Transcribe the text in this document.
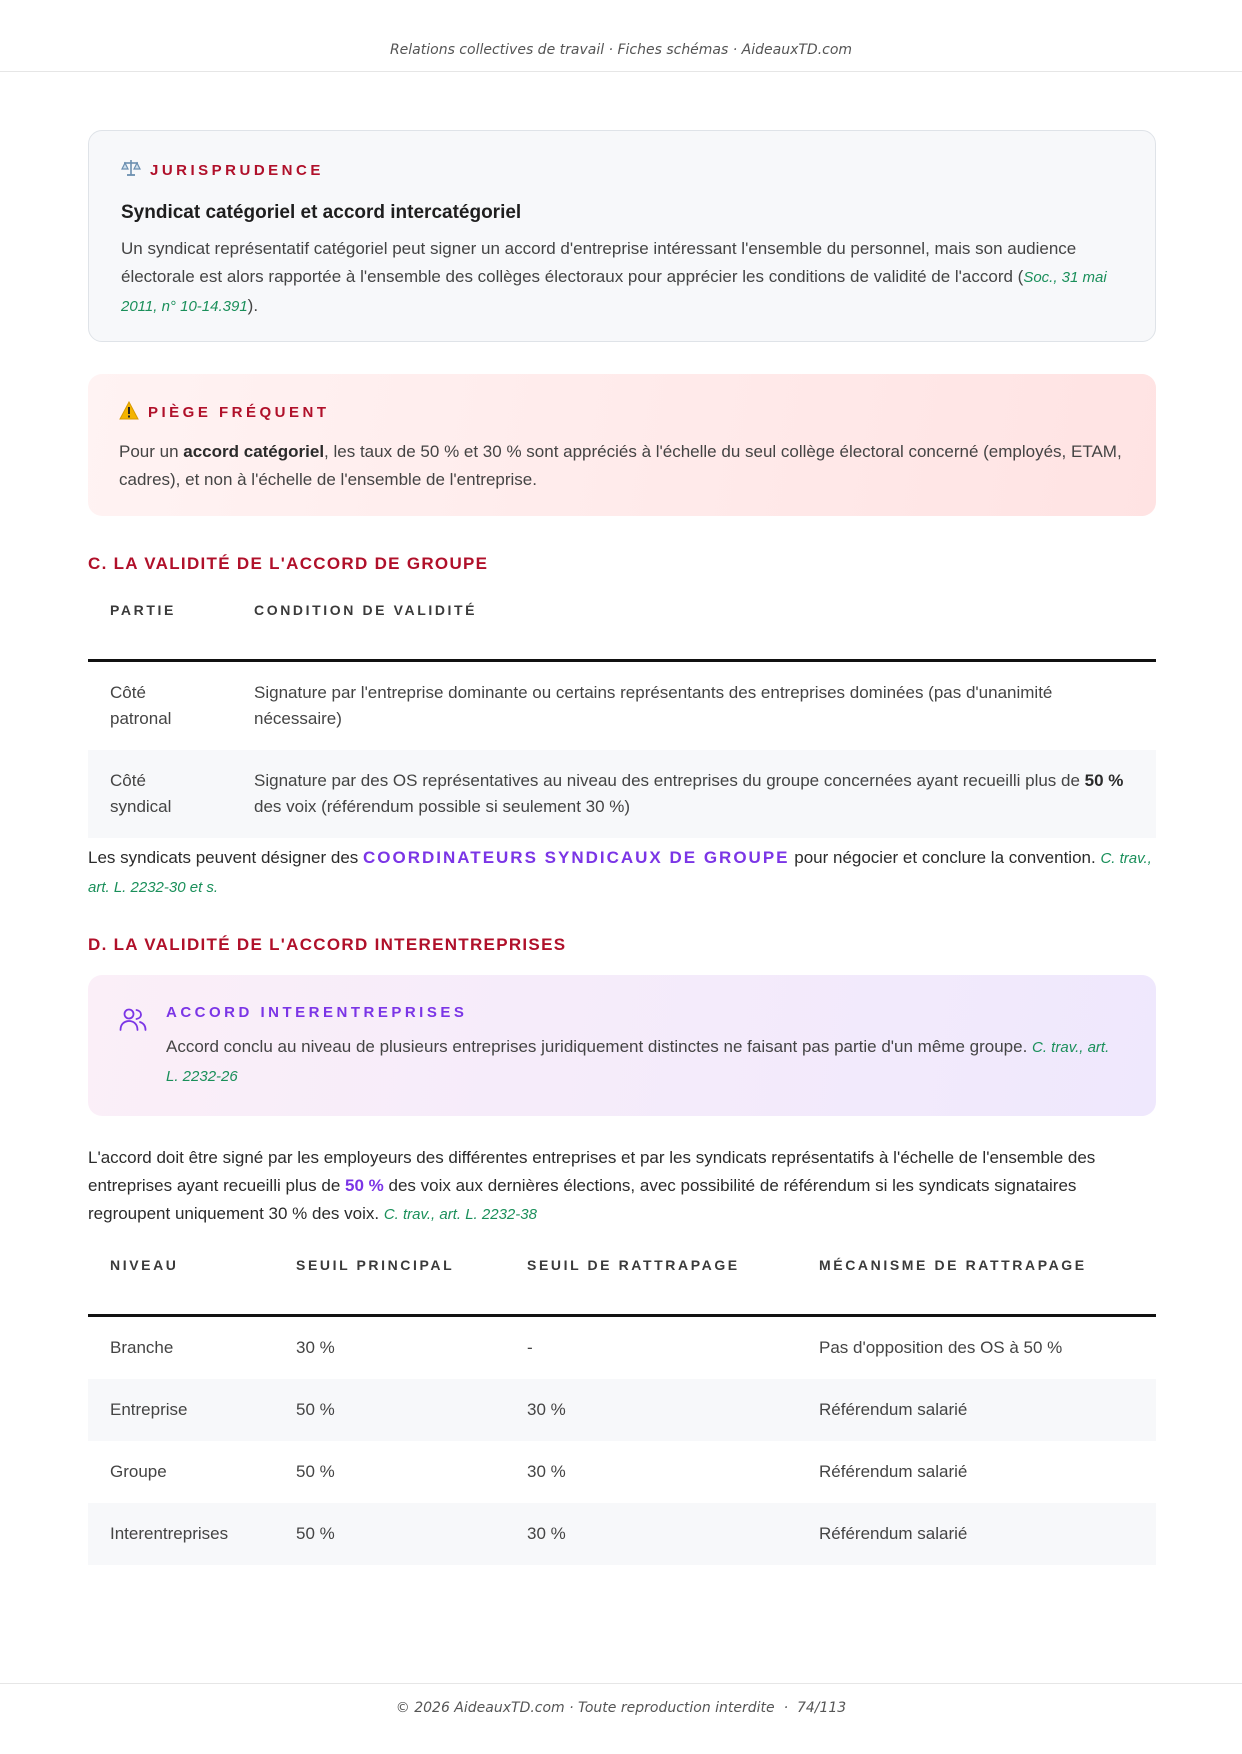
Relations collectives de travail · Fiches schémas · AideauxTD.com
JURISPRUDENCE
Syndicat catégoriel et accord intercatégoriel
Un syndicat représentatif catégoriel peut signer un accord d'entreprise intéressant l'ensemble du personnel, mais son audience électorale est alors rapportée à l'ensemble des collèges électoraux pour apprécier les conditions de validité de l'accord (Soc., 31 mai 2011, n° 10-14.391).
PIÈGE FRÉQUENT
Pour un accord catégoriel, les taux de 50 % et 30 % sont appréciés à l'échelle du seul collège électoral concerné (employés, ETAM, cadres), et non à l'échelle de l'ensemble de l'entreprise.
C. LA VALIDITÉ DE L'ACCORD DE GROUPE
PARTIE	CONDITION DE VALIDITÉ
Côté patronal	Signature par l'entreprise dominante ou certains représentants des entreprises dominées (pas d'unanimité nécessaire)
Côté syndical	Signature par des OS représentatives au niveau des entreprises du groupe concernées ayant recueilli plus de 50 % des voix (référendum possible si seulement 30 %)
Les syndicats peuvent désigner des COORDINATEURS SYNDICAUX DE GROUPE pour négocier et conclure la convention. C. trav., art. L. 2232-30 et s.
D. LA VALIDITÉ DE L'ACCORD INTERENTREPRISES
ACCORD INTERENTREPRISES
Accord conclu au niveau de plusieurs entreprises juridiquement distinctes ne faisant pas partie d'un même groupe. C. trav., art. L. 2232-26
L'accord doit être signé par les employeurs des différentes entreprises et par les syndicats représentatifs à l'échelle de l'ensemble des entreprises ayant recueilli plus de 50 % des voix aux dernières élections, avec possibilité de référendum si les syndicats signataires regroupent uniquement 30 % des voix. C. trav., art. L. 2232-38
NIVEAU	SEUIL PRINCIPAL	SEUIL DE RATTRAPAGE	MÉCANISME DE RATTRAPAGE
Branche	30 %	-	Pas d'opposition des OS à 50 %
Entreprise	50 %	30 %	Référendum salarié
Groupe	50 %	30 %	Référendum salarié
Interentreprises	50 %	30 %	Référendum salarié
© 2026 AideauxTD.com · Toute reproduction interdite · 74/113
